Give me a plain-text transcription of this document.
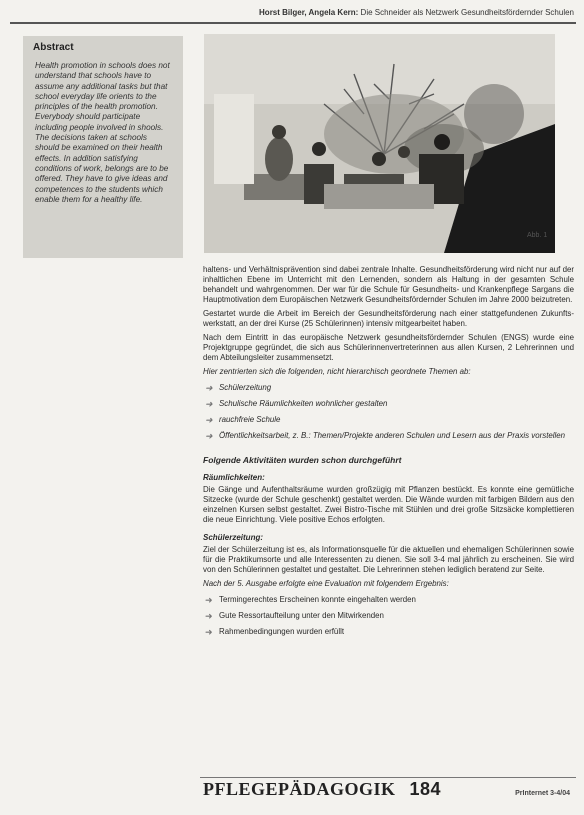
Horst Bilger, Angela Kern: Die Schneider als Netzwerk Gesundheitsfördernder Schulen
Abstract

Health promotion in schools does not understand that schools have to assume any additional tasks but that school everyday life orients to the principles of the health promotion. Everybody should participate including people involved in shools. The decisions taken at schools should be examined on their health effects. In addition satisfying conditions of work, belongs are to be offered. They have to give ideas and competences to the students which enable them for a healthy life.

Abb. 1

haltens- und Verhältnisprävention sind dabei zentrale Inhalte. Gesundheitsförderung wird nicht nur auf der inhaltlichen Ebene im Unterricht mit den Lernenden, sondern als Haltung in der gesamten Schule behandelt und wahrgenommen. Der war für die Schule für Gesundheits- und Krankenpflege Sargans die Hauptmotivation dem Europäischen Netzwerk Gesundheitsfördernder Schulen im Jahre 2000 beizutreten.

Gestartet wurde die Arbeit im Bereich der Gesundheitsförderung nach einer stattgefundenen Zukunfts-werkstatt, an der drei Kurse (25 Schülerinnen) intensiv mitgearbeitet haben.

Nach dem Eintritt in das europäische Netzwerk gesundheitsfördernder Schulen (ENGS) wurde eine Projektgruppe gegründet, die sich aus Schülerinnenvertreterinnen aus allen Kursen, 2 Lehrerinnen und dem Abteilungsleiter zusammensetzt.

Hier zentrierten sich die folgenden, nicht hierarchisch geordnete Themen ab:

➜ Schülerzeitung
➜ Schulische Räumlichkeiten wohnlicher gestalten
➜ rauchfreie Schule
➜ Öffentlichkeitsarbeit, z. B.: Themen/Projekte anderen Schulen und Lesern aus der Praxis vorstellen
Folgende Aktivitäten wurden schon durchgeführt
Räumlichkeiten:

Die Gänge und Aufenthaltsräume wurden großzügig mit Pflanzen bestückt. Es konnte eine gemütliche Sitzecke (wurde der Schule geschenkt) gestaltet werden. Die Wände wurden mit farbigen Bildern aus den einzelnen Kursen selbst gestaltet. Zwei Bistro-Tische mit Stühlen und drei große Sitzsäcke komplettieren die neue Einrichtung. Viele positive Echos erfolgten.

Schülerzeitung:

Ziel der Schülerzeitung ist es, als Informationsquelle für die aktuellen und ehemaligen Schülerinnen sowie für die Praktikumsorte und alle Interessenten zu dienen. Sie soll 3-4 mal jährlich zu erscheinen. Sie wird von den Schülerinnen gestaltet und gestaltet. Die Lehrerinnen stehen lediglich beratend zur Seite.

Nach der 5. Ausgabe erfolgte eine Evaluation mit folgendem Ergebnis:

➜ Termingerechtes Erscheinen konnte eingehalten werden
➜ Gute Ressortaufteilung unter den Mitwirkenden
➜ Rahmenbedingungen wurden erfüllt
PFLEGEPÄDAGOGIK 184	PrInternet 3-4/04
